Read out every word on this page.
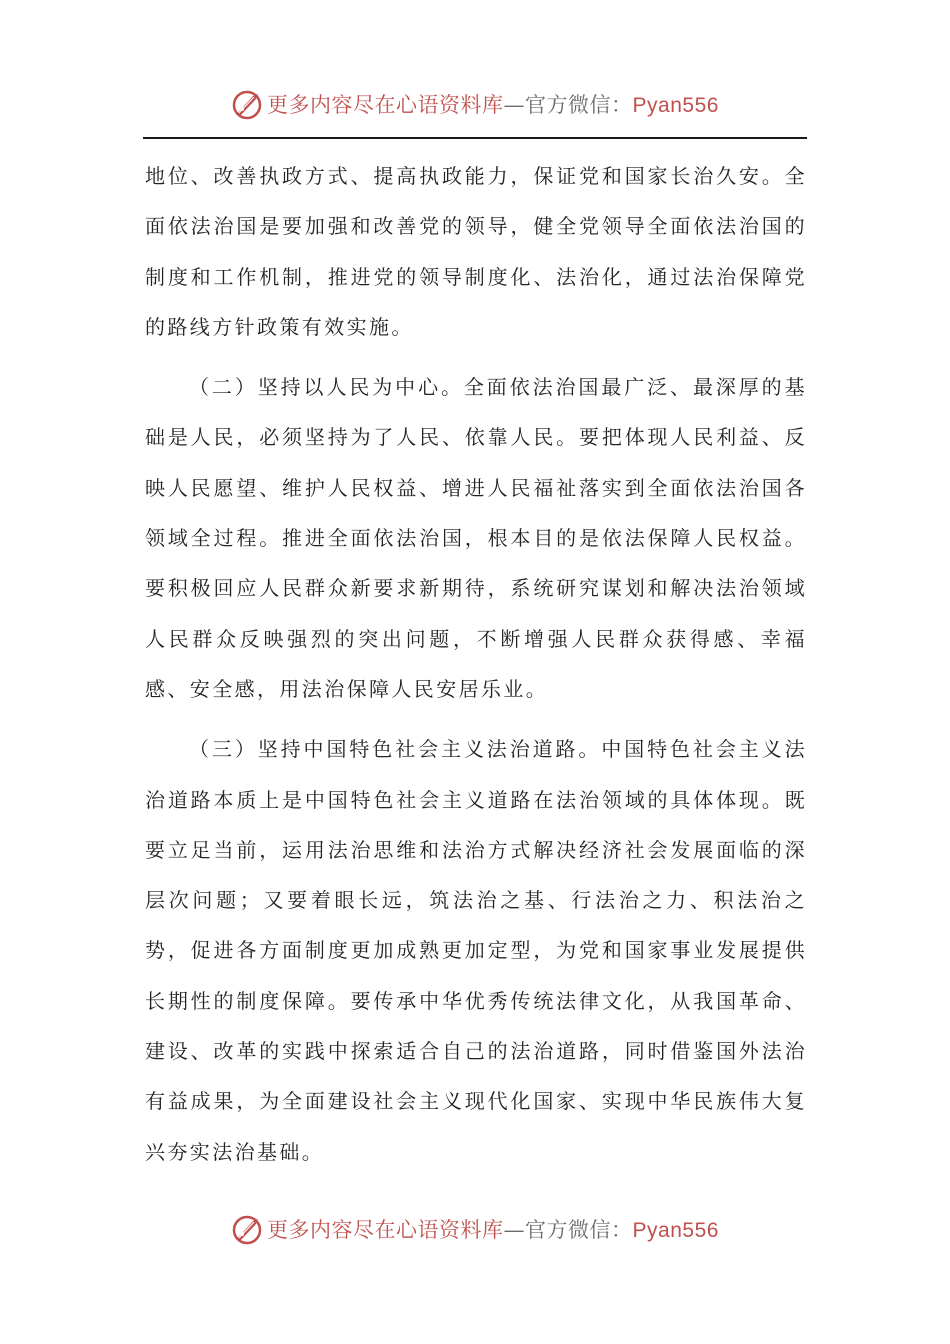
更多内容尽在心语资料库—官方微信：Pyan556

地位、改善执政方式、提高执政能力，保证党和国家长治久安。全面依法治国是要加强和改善党的领导，健全党领导全面依法治国的制度和工作机制，推进党的领导制度化、法治化，通过法治保障党的路线方针政策有效实施。

（二）坚持以人民为中心。全面依法治国最广泛、最深厚的基础是人民，必须坚持为了人民、依靠人民。要把体现人民利益、反映人民愿望、维护人民权益、增进人民福祉落实到全面依法治国各领域全过程。推进全面依法治国，根本目的是依法保障人民权益。要积极回应人民群众新要求新期待，系统研究谋划和解决法治领域人民群众反映强烈的突出问题，不断增强人民群众获得感、幸福感、安全感，用法治保障人民安居乐业。

（三）坚持中国特色社会主义法治道路。中国特色社会主义法治道路本质上是中国特色社会主义道路在法治领域的具体体现。既要立足当前，运用法治思维和法治方式解决经济社会发展面临的深层次问题；又要着眼长远，筑法治之基、行法治之力、积法治之势，促进各方面制度更加成熟更加定型，为党和国家事业发展提供长期性的制度保障。要传承中华优秀传统法律文化，从我国革命、建设、改革的实践中探索适合自己的法治道路，同时借鉴国外法治有益成果，为全面建设社会主义现代化国家、实现中华民族伟大复兴夯实法治基础。

更多内容尽在心语资料库—官方微信：Pyan556
